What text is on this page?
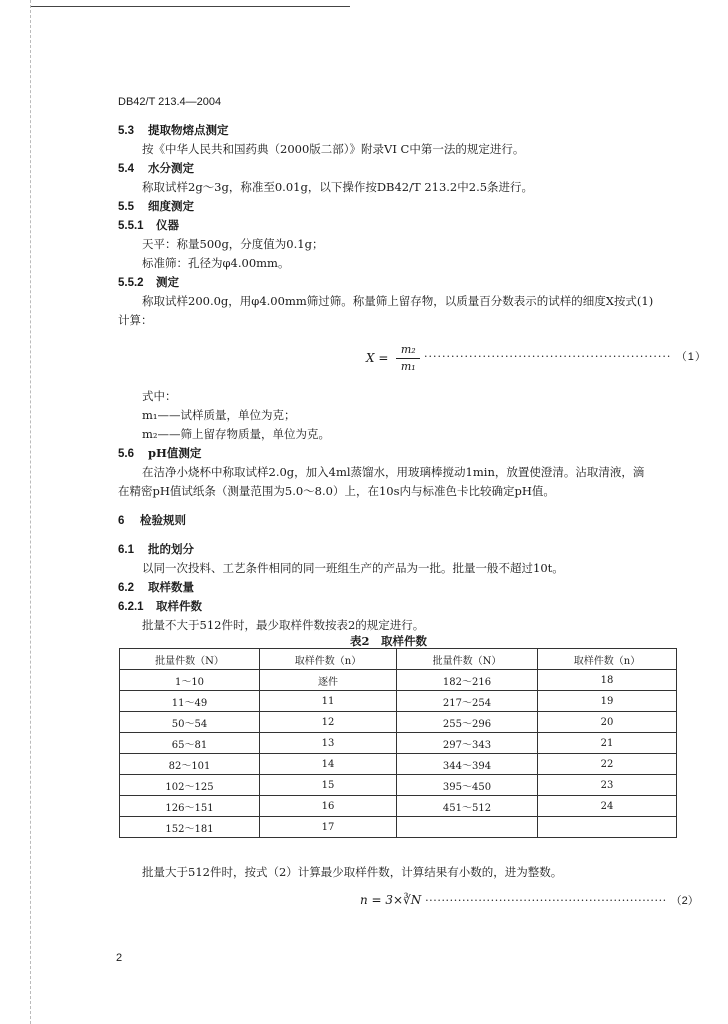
DB42/T 213.4—2004
5.3 提取物熔点测定
按《中华人民共和国药典（2000版二部）》附录VI C中第一法的规定进行。
5.4 水分测定
称取试样2g～3g，称准至0.01g，以下操作按DB42/T 213.2中2.5条进行。
5.5 细度测定
5.5.1 仪器
天平：称量500g，分度值为0.1g；
标准筛：孔径为φ4.00mm。
5.5.2 测定
称取试样200.0g，用φ4.00mm筛过筛。称量筛上留存物，以质量百分数表示的试样的细度X按式(1)
计算：
$X = \frac{\text{m₂}}{\text{m₁}}$ ······················································· （1）
式中：
m₁——试样质量，单位为克；
m₂——筛上留存物质量，单位为克。
5.6 pH值测定
在洁净小烧杯中称取试样2.0g，加入4ml蒸馏水，用玻璃棒搅动1min，放置使澄清。沾取清液，滴
在精密pH值试纸条（测量范围为5.0～8.0）上，在10s内与标准色卡比较确定pH值。
6 检验规则
6.1 批的划分
以同一次投料、工艺条件相同的同一班组生产的产品为一批。批量一般不超过10t。
6.2 取样数量
6.2.1 取样件数
批量不大于512件时，最少取样件数按表2的规定进行。
表2　取样件数
批量件数（N）	取样件数（n）	批量件数（N）	取样件数（n）
1～10	逐件	182～216	18
11～49	11	217～254	19
50～54	12	255～296	20
65～81	13	297～343	21
82～101	14	344～394	22
102～125	15	395～450	23
126～151	16	451～512	24
152～181	17		
批量大于512件时，按式（2）计算最少取样件数，计算结果有小数的，进为整数。
n = 3×∛N ··························································· （2）
2
